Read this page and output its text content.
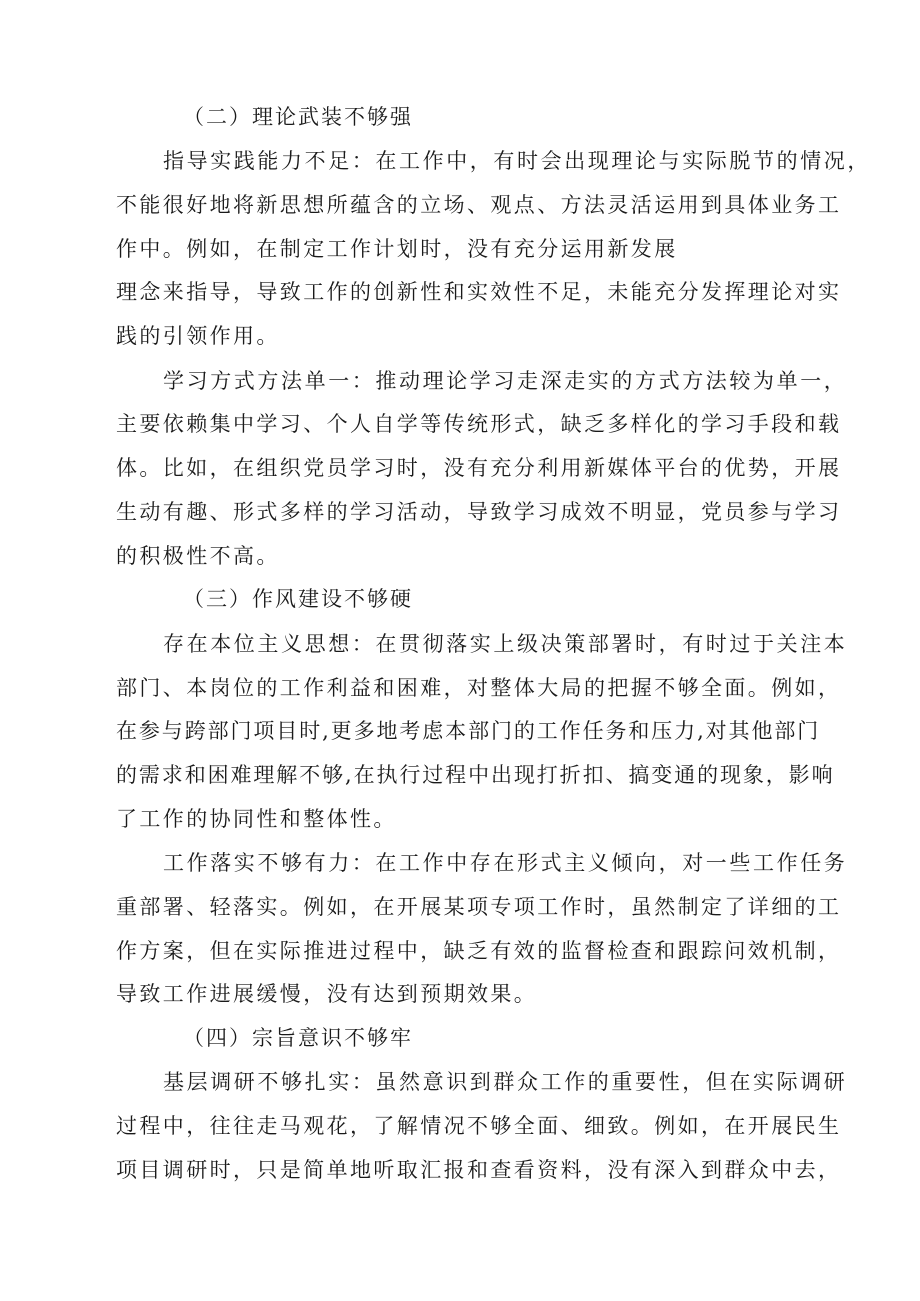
（二）理论武装不够强
指导实践能力不足：在工作中，有时会出现理论与实际脱节的情况，
不能很好地将新思想所蕴含的立场、观点、方法灵活运用到具体业务工
作中。例如，在制定工作计划时，没有充分运用新发展
理念来指导，导致工作的创新性和实效性不足，未能充分发挥理论对实
践的引领作用。
学习方式方法单一：推动理论学习走深走实的方式方法较为单一，
主要依赖集中学习、个人自学等传统形式，缺乏多样化的学习手段和载
体。比如，在组织党员学习时，没有充分利用新媒体平台的优势，开展
生动有趣、形式多样的学习活动，导致学习成效不明显，党员参与学习
的积极性不高。
（三）作风建设不够硬
存在本位主义思想：在贯彻落实上级决策部署时，有时过于关注本
部门、本岗位的工作利益和困难，对整体大局的把握不够全面。例如，
在参与跨部门项目时,更多地考虑本部门的工作任务和压力,对其他部门
的需求和困难理解不够,在执行过程中出现打折扣、搞变通的现象，影响
了工作的协同性和整体性。
工作落实不够有力：在工作中存在形式主义倾向，对一些工作任务
重部署、轻落实。例如，在开展某项专项工作时，虽然制定了详细的工
作方案，但在实际推进过程中，缺乏有效的监督检查和跟踪问效机制，
导致工作进展缓慢，没有达到预期效果。
（四）宗旨意识不够牢
基层调研不够扎实：虽然意识到群众工作的重要性，但在实际调研
过程中，往往走马观花，了解情况不够全面、细致。例如，在开展民生
项目调研时，只是简单地听取汇报和查看资料，没有深入到群众中去，
